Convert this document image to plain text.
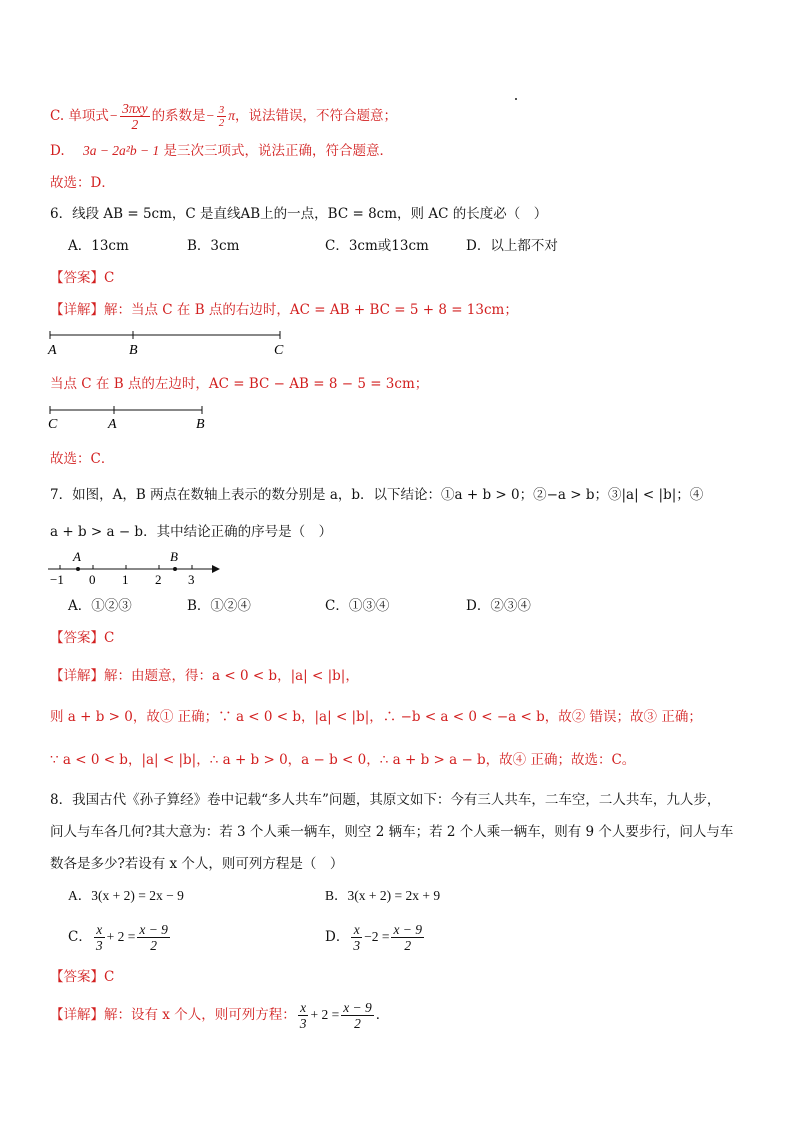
C. 单项式− $\frac{\text{3πxy}}{2}$ 的系数是− $\frac{3}{2}$ π，说法错误，不符合题意；
D. 3a − 2a²b − 1 是三次三项式，说法正确，符合题意．
故选：D．
6．线段 AB = 5cm，C 是直线AB上的一点，BC = 8cm，则 AC 的长度必（　）
A．13cm	B．3cm	C．3cm或13cm	D．以上都不对
【答案】C
【详解】解：当点 C 在 B 点的右边时，AC = AB + BC = 5 + 8 = 13cm；
A	B	C
当点 C 在 B 点的左边时，AC = BC − AB = 8 − 5 = 3cm；
C	A	B
故选：C．
7．如图，A，B 两点在数轴上表示的数分别是 a，b．以下结论：①a + b > 0；②−a > b；③|a| < |b|；④
a + b > a − b．其中结论正确的序号是（　）
A	B
−1 0 1 2 3
A．①②③	B．①②④	C．①③④	D．②③④
【答案】C
【详解】解：由题意，得：a < 0 < b，|a| < |b|，
则 a + b > 0，故① 正确；∵ a < 0 < b，|a| < |b|，∴ −b < a < 0 < −a < b，故② 错误；故③ 正确；
∵ a < 0 < b，|a| < |b|，∴ a + b > 0，a − b < 0，∴ a + b > a − b，故④ 正确；故选：C。
8．我国古代《孙子算经》卷中记载“多人共车”问题，其原文如下：今有三人共车，二车空，二人共车，九人步，
问人与车各几何?其大意为：若 3 个人乘一辆车，则空 2 辆车；若 2 个人乘一辆车，则有 9 个人要步行，问人与车
数各是多少?若设有 x 个人，则可列方程是（　）
A．3(x + 2) = 2x − 9	B．3(x + 2) = 2x + 9
C． $\frac{x}{3} + 2 = \frac{x - 9}{2}$	D． $\frac{x}{3} -2 = \frac{x - 9}{2}$
【答案】C
【详解】解：设有 x 个人，则可列方程： $\frac{x}{3} + 2 = \frac{x - 9}{2}$ ．
